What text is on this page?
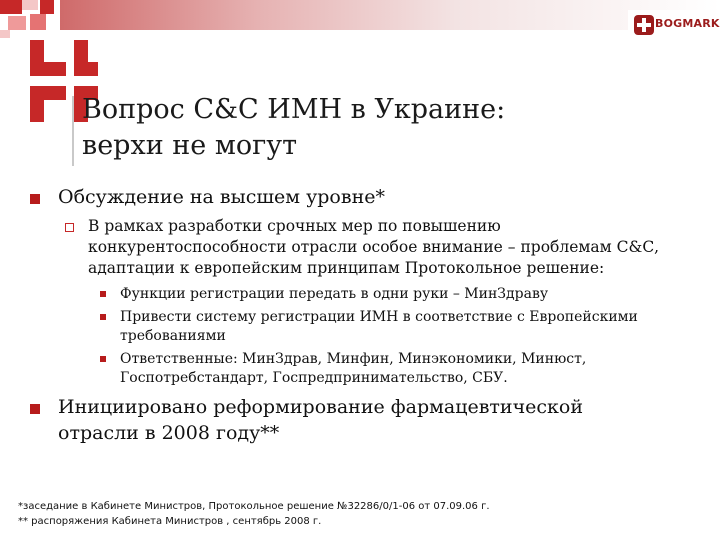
BOGMARK
Вопрос С&С ИМН в Украине:
верхи не могут
Обсуждение на высшем уровне*
В рамках разработки срочных мер по повышению конкурентоспособности отрасли особое внимание – проблемам С&С, адаптации к европейским принципам Протокольное решение:
Функции регистрации передать в одни руки – МинЗдраву
Привести систему регистрации ИМН в соответствие с Европейскими требованиями
Ответственные: МинЗдрав, Минфин, Минэкономики, Минюст, Госпотребстандарт, Госпредпринимательство, СБУ.
Инициировано реформирование фармацевтической отрасли в 2008 году**
*заседание в Кабинете Министров, Протокольное решение №32286/0/1-06 от 07.09.06 г.
** распоряжения Кабинета Министров , сентябрь 2008 г.
